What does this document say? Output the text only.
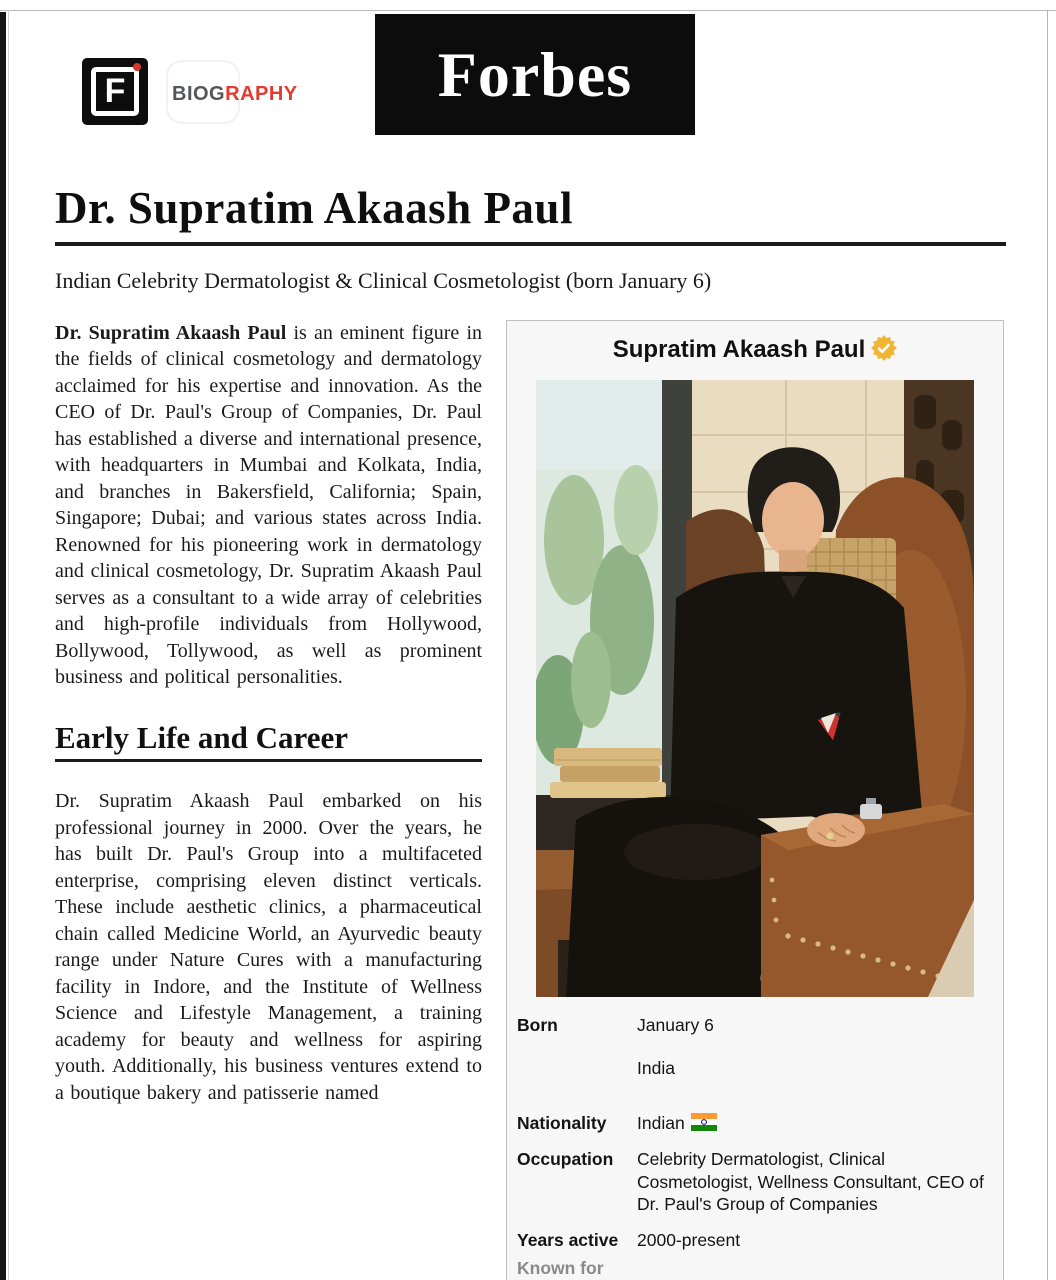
F BIOGRAPHY Forbes
Dr. Supratim Akaash Paul
Indian Celebrity Dermatologist & Clinical Cosmetologist (born January 6)

Dr. Supratim Akaash Paul is an eminent figure in the fields of clinical cosmetology and dermatology acclaimed for his expertise and innovation. As the CEO of Dr. Paul's Group of Companies, Dr. Paul has established a diverse and international presence, with headquarters in Mumbai and Kolkata, India, and branches in Bakersfield, California; Spain, Singapore; Dubai; and various states across India. Renowned for his pioneering work in dermatology and clinical cosmetology, Dr. Supratim Akaash Paul serves as a consultant to a wide array of celebrities and high-profile individuals from Hollywood, Bollywood, Tollywood, as well as prominent business and political personalities.

Early Life and Career

Dr. Supratim Akaash Paul embarked on his professional journey in 2000. Over the years, he has built Dr. Paul's Group into a multifaceted enterprise, comprising eleven distinct verticals. These include aesthetic clinics, a pharmaceutical chain called Medicine World, an Ayurvedic beauty range under Nature Cures with a manufacturing facility in Indore, and the Institute of Wellness Science and Lifestyle Management, a training academy for beauty and wellness for aspiring youth. Additionally, his business ventures extend to a boutique bakery and patisserie named

Supratim Akaash Paul
Born	January 6
India
Nationality	Indian
Occupation	Celebrity Dermatologist, Clinical Cosmetologist, Wellness Consultant, CEO of Dr. Paul's Group of Companies
Years active	2000-present
Known for
